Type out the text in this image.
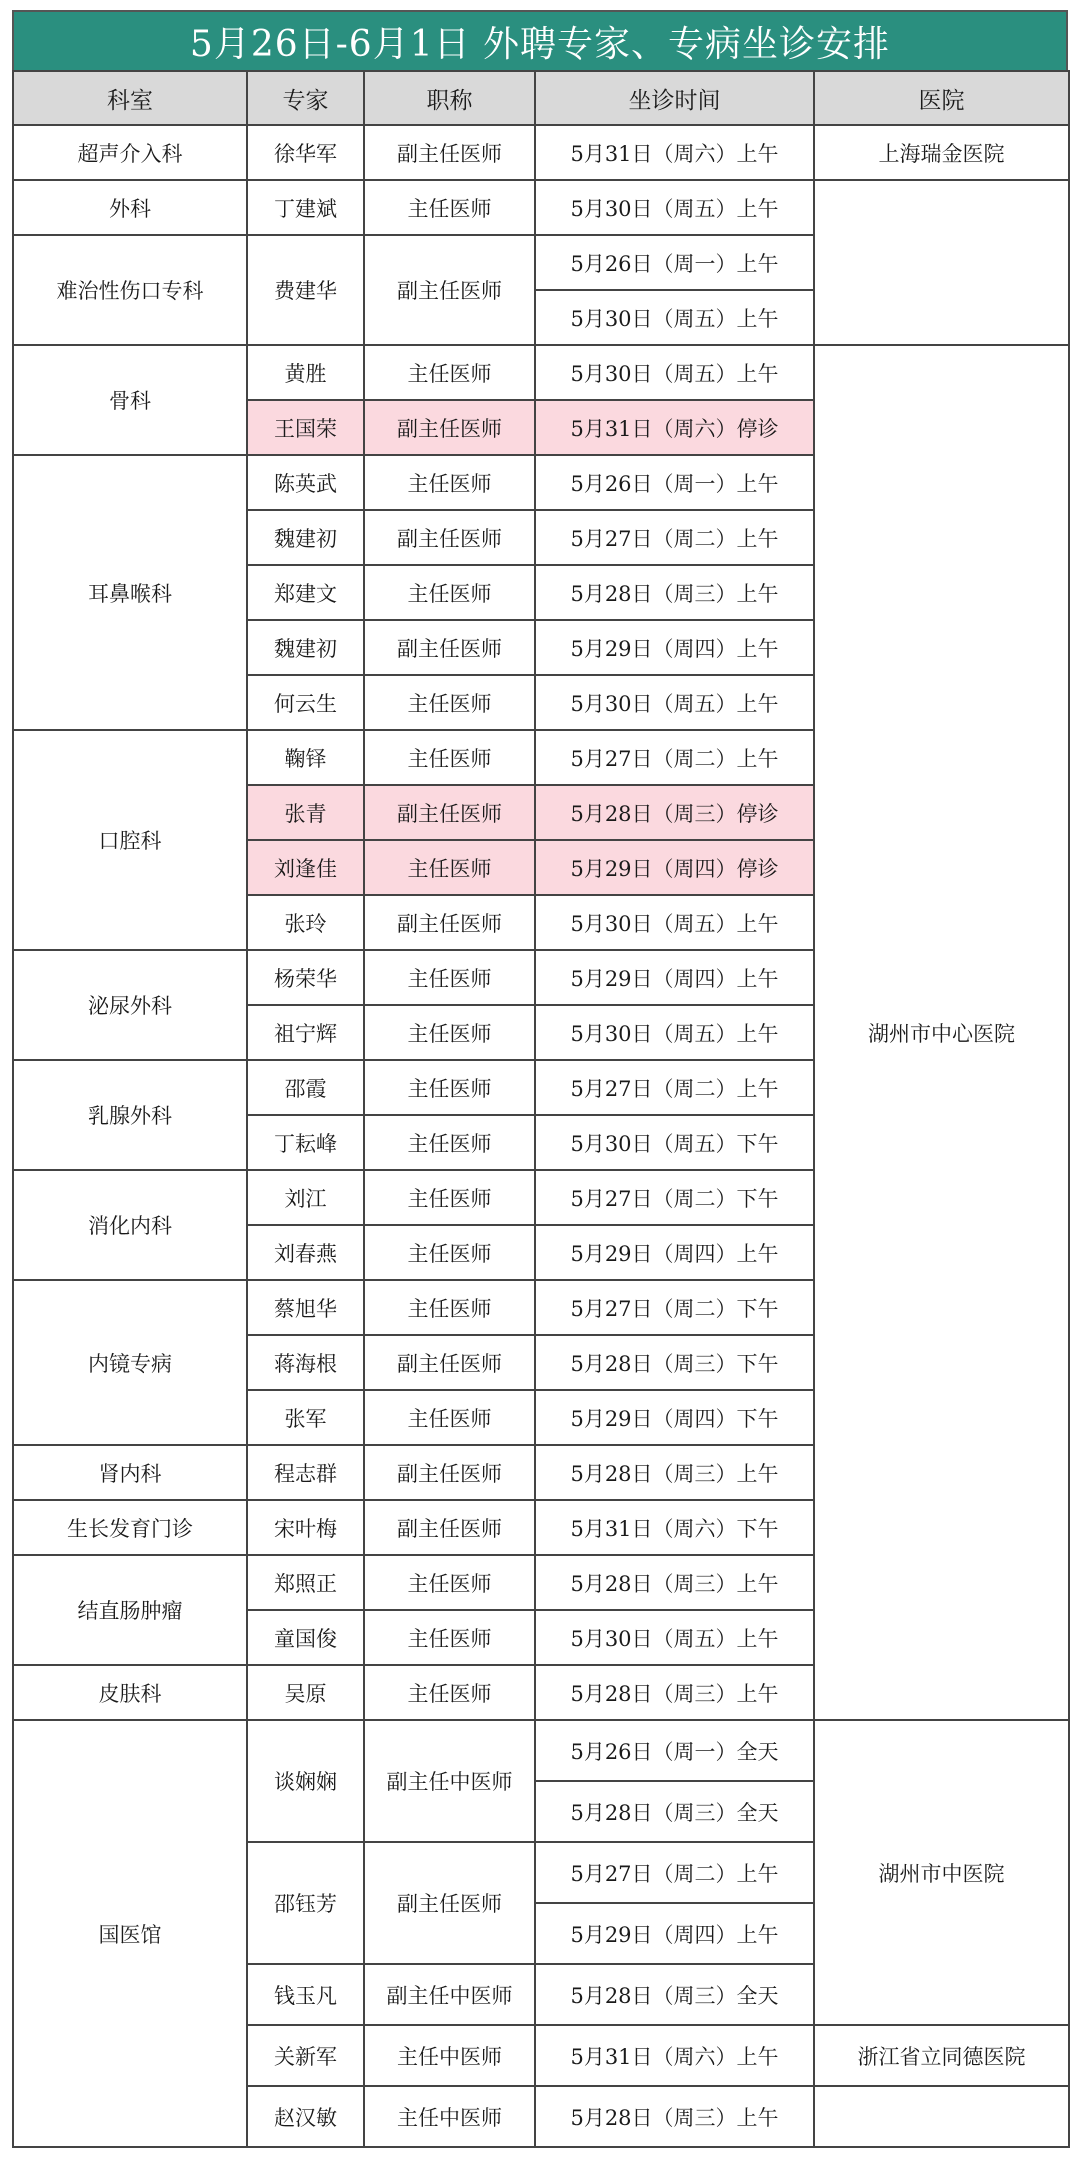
5月26日-6月1日 外聘专家、专病坐诊安排
科室	专家	职称	坐诊时间	医院
超声介入科	徐华军	副主任医师	5月31日（周六）上午	上海瑞金医院
外科	丁建斌	主任医师	5月30日（周五）上午	
难治性伤口专科	费建华	副主任医师	5月26日（周一）上午	
			5月30日（周五）上午	
骨科	黄胜	主任医师	5月30日（周五）上午	湖州市中心医院
	王国荣	副主任医师	5月31日（周六）停诊	
耳鼻喉科	陈英武	主任医师	5月26日（周一）上午	
	魏建初	副主任医师	5月27日（周二）上午	
	郑建文	主任医师	5月28日（周三）上午	
	魏建初	副主任医师	5月29日（周四）上午	
	何云生	主任医师	5月30日（周五）上午	
口腔科	鞠铎	主任医师	5月27日（周二）上午	
	张青	副主任医师	5月28日（周三）停诊	
	刘逢佳	主任医师	5月29日（周四）停诊	
	张玲	副主任医师	5月30日（周五）上午	
泌尿外科	杨荣华	主任医师	5月29日（周四）上午	
	祖宁辉	主任医师	5月30日（周五）上午	
乳腺外科	邵霞	主任医师	5月27日（周二）上午	
	丁耘峰	主任医师	5月30日（周五）下午	
消化内科	刘江	主任医师	5月27日（周二）下午	
	刘春燕	主任医师	5月29日（周四）上午	
内镜专病	蔡旭华	主任医师	5月27日（周二）下午	
	蒋海根	副主任医师	5月28日（周三）下午	
	张军	主任医师	5月29日（周四）下午	
肾内科	程志群	副主任医师	5月28日（周三）上午	
生长发育门诊	宋叶梅	副主任医师	5月31日（周六）下午	
结直肠肿瘤	郑照正	主任医师	5月28日（周三）上午	
	童国俊	主任医师	5月30日（周五）上午	
皮肤科	吴原	主任医师	5月28日（周三）上午	
国医馆	谈娴娴	副主任中医师	5月26日（周一）全天	湖州市中医院
			5月28日（周三）全天	
	邵钰芳	副主任医师	5月27日（周二）上午	
			5月29日（周四）上午	
	钱玉凡	副主任中医师	5月28日（周三）全天	
	关新军	主任中医师	5月31日（周六）上午	浙江省立同德医院
	赵汉敏	主任中医师	5月28日（周三）上午	
